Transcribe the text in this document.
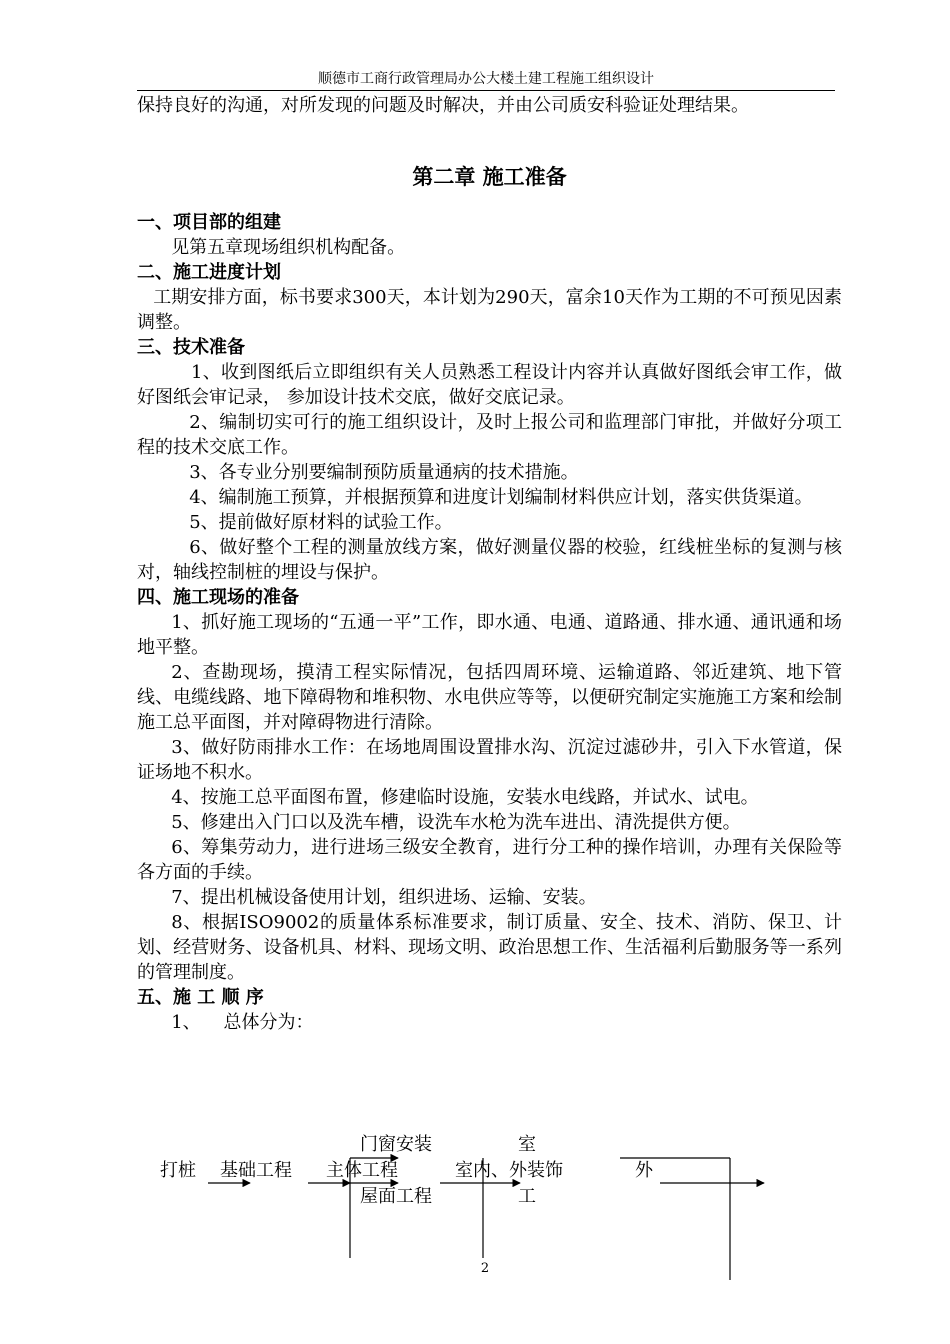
顺德市工商行政管理局办公大楼土建工程施工组织设计

保持良好的沟通，对所发现的问题及时解决，并由公司质安科验证处理结果。

第二章 施工准备
一、项目部的组建

见第五章现场组织机构配备。

二、施工进度计划

工期安排方面，标书要求300天，本计划为290天，富余10天作为工期的不可预见因素调整。

三、技术准备

1、收到图纸后立即组织有关人员熟悉工程设计内容并认真做好图纸会审工作，做好图纸会审记录， 参加设计技术交底，做好交底记录。

2、编制切实可行的施工组织设计，及时上报公司和监理部门审批，并做好分项工程的技术交底工作。

3、各专业分别要编制预防质量通病的技术措施。

4、编制施工预算，并根据预算和进度计划编制材料供应计划，落实供货渠道。

5、提前做好原材料的试验工作。

6、做好整个工程的测量放线方案，做好测量仪器的校验，红线桩坐标的复测与核对，轴线控制桩的埋设与保护。

四、施工现场的准备

1、抓好施工现场的“五通一平”工作，即水通、电通、道路通、排水通、通讯通和场地平整。

2、查勘现场，摸清工程实际情况，包括四周环境、运输道路、邻近建筑、地下管线、电缆线路、地下障碍物和堆积物、水电供应等等，以便研究制定实施施工方案和绘制施工总平面图，并对障碍物进行清除。

3、做好防雨排水工作：在场地周围设置排水沟、沉淀过滤砂井，引入下水管道，保证场地不积水。

4、按施工总平面图布置，修建临时设施，安装水电线路，并试水、试电。

5、修建出入门口以及洗车槽，设洗车水枪为洗车进出、清洗提供方便。

6、筹集劳动力，进行进场三级安全教育，进行分工种的操作培训，办理有关保险等各方面的手续。

7、提出机械设备使用计划，组织进场、运输、安装。

8、根据ISO9002的质量体系标准要求，制订质量、安全、技术、消防、保卫、计划、经营财务、设备机具、材料、现场文明、政治思想工作、生活福利后勤服务等一系列的管理制度。

五、施 工 顺 序

1、    总体分为：

打桩 基础工程 主体工程
门窗安装
屋面工程
室内、外装饰
室
工
外
2
